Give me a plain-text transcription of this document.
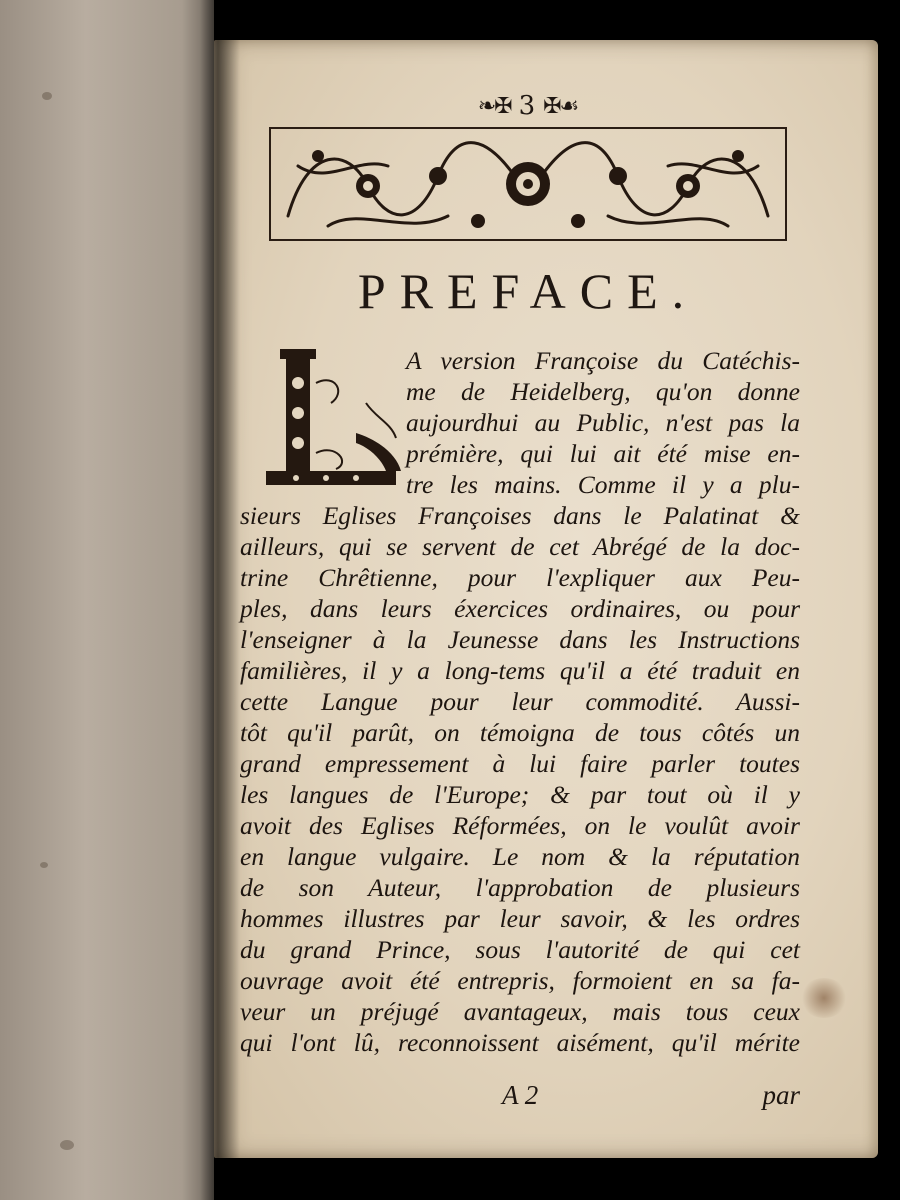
❧✠ 3 ✠☙
PREFACE.
A version Françoise du Catéchis-
me de Heidelberg, qu'on donne
aujourdhui au Public, n'est pas la
prémière, qui lui ait été mise en-
tre les mains. Comme il y a plu-
sieurs Eglises Françoises dans le Palatinat &
ailleurs, qui se servent de cet Abrégé de la doc-
trine Chrêtienne, pour l'expliquer aux Peu-
ples, dans leurs éxercices ordinaires, ou pour
l'enseigner à la Jeunesse dans les Instructions
familières, il y a long-tems qu'il a été traduit en
cette Langue pour leur commodité. Aussi-
tôt qu'il parût, on témoigna de tous côtés un
grand empressement à lui faire parler toutes
les langues de l'Europe; & par tout où il y
avoit des Eglises Réformées, on le voulût avoir
en langue vulgaire. Le nom & la réputation
de son Auteur, l'approbation de plusieurs
hommes illustres par leur savoir, & les ordres
du grand Prince, sous l'autorité de qui cet
ouvrage avoit été entrepris, formoient en sa fa-
veur un préjugé avantageux, mais tous ceux
qui l'ont lû, reconnoissent aisément, qu'il mérite
A 2	par
